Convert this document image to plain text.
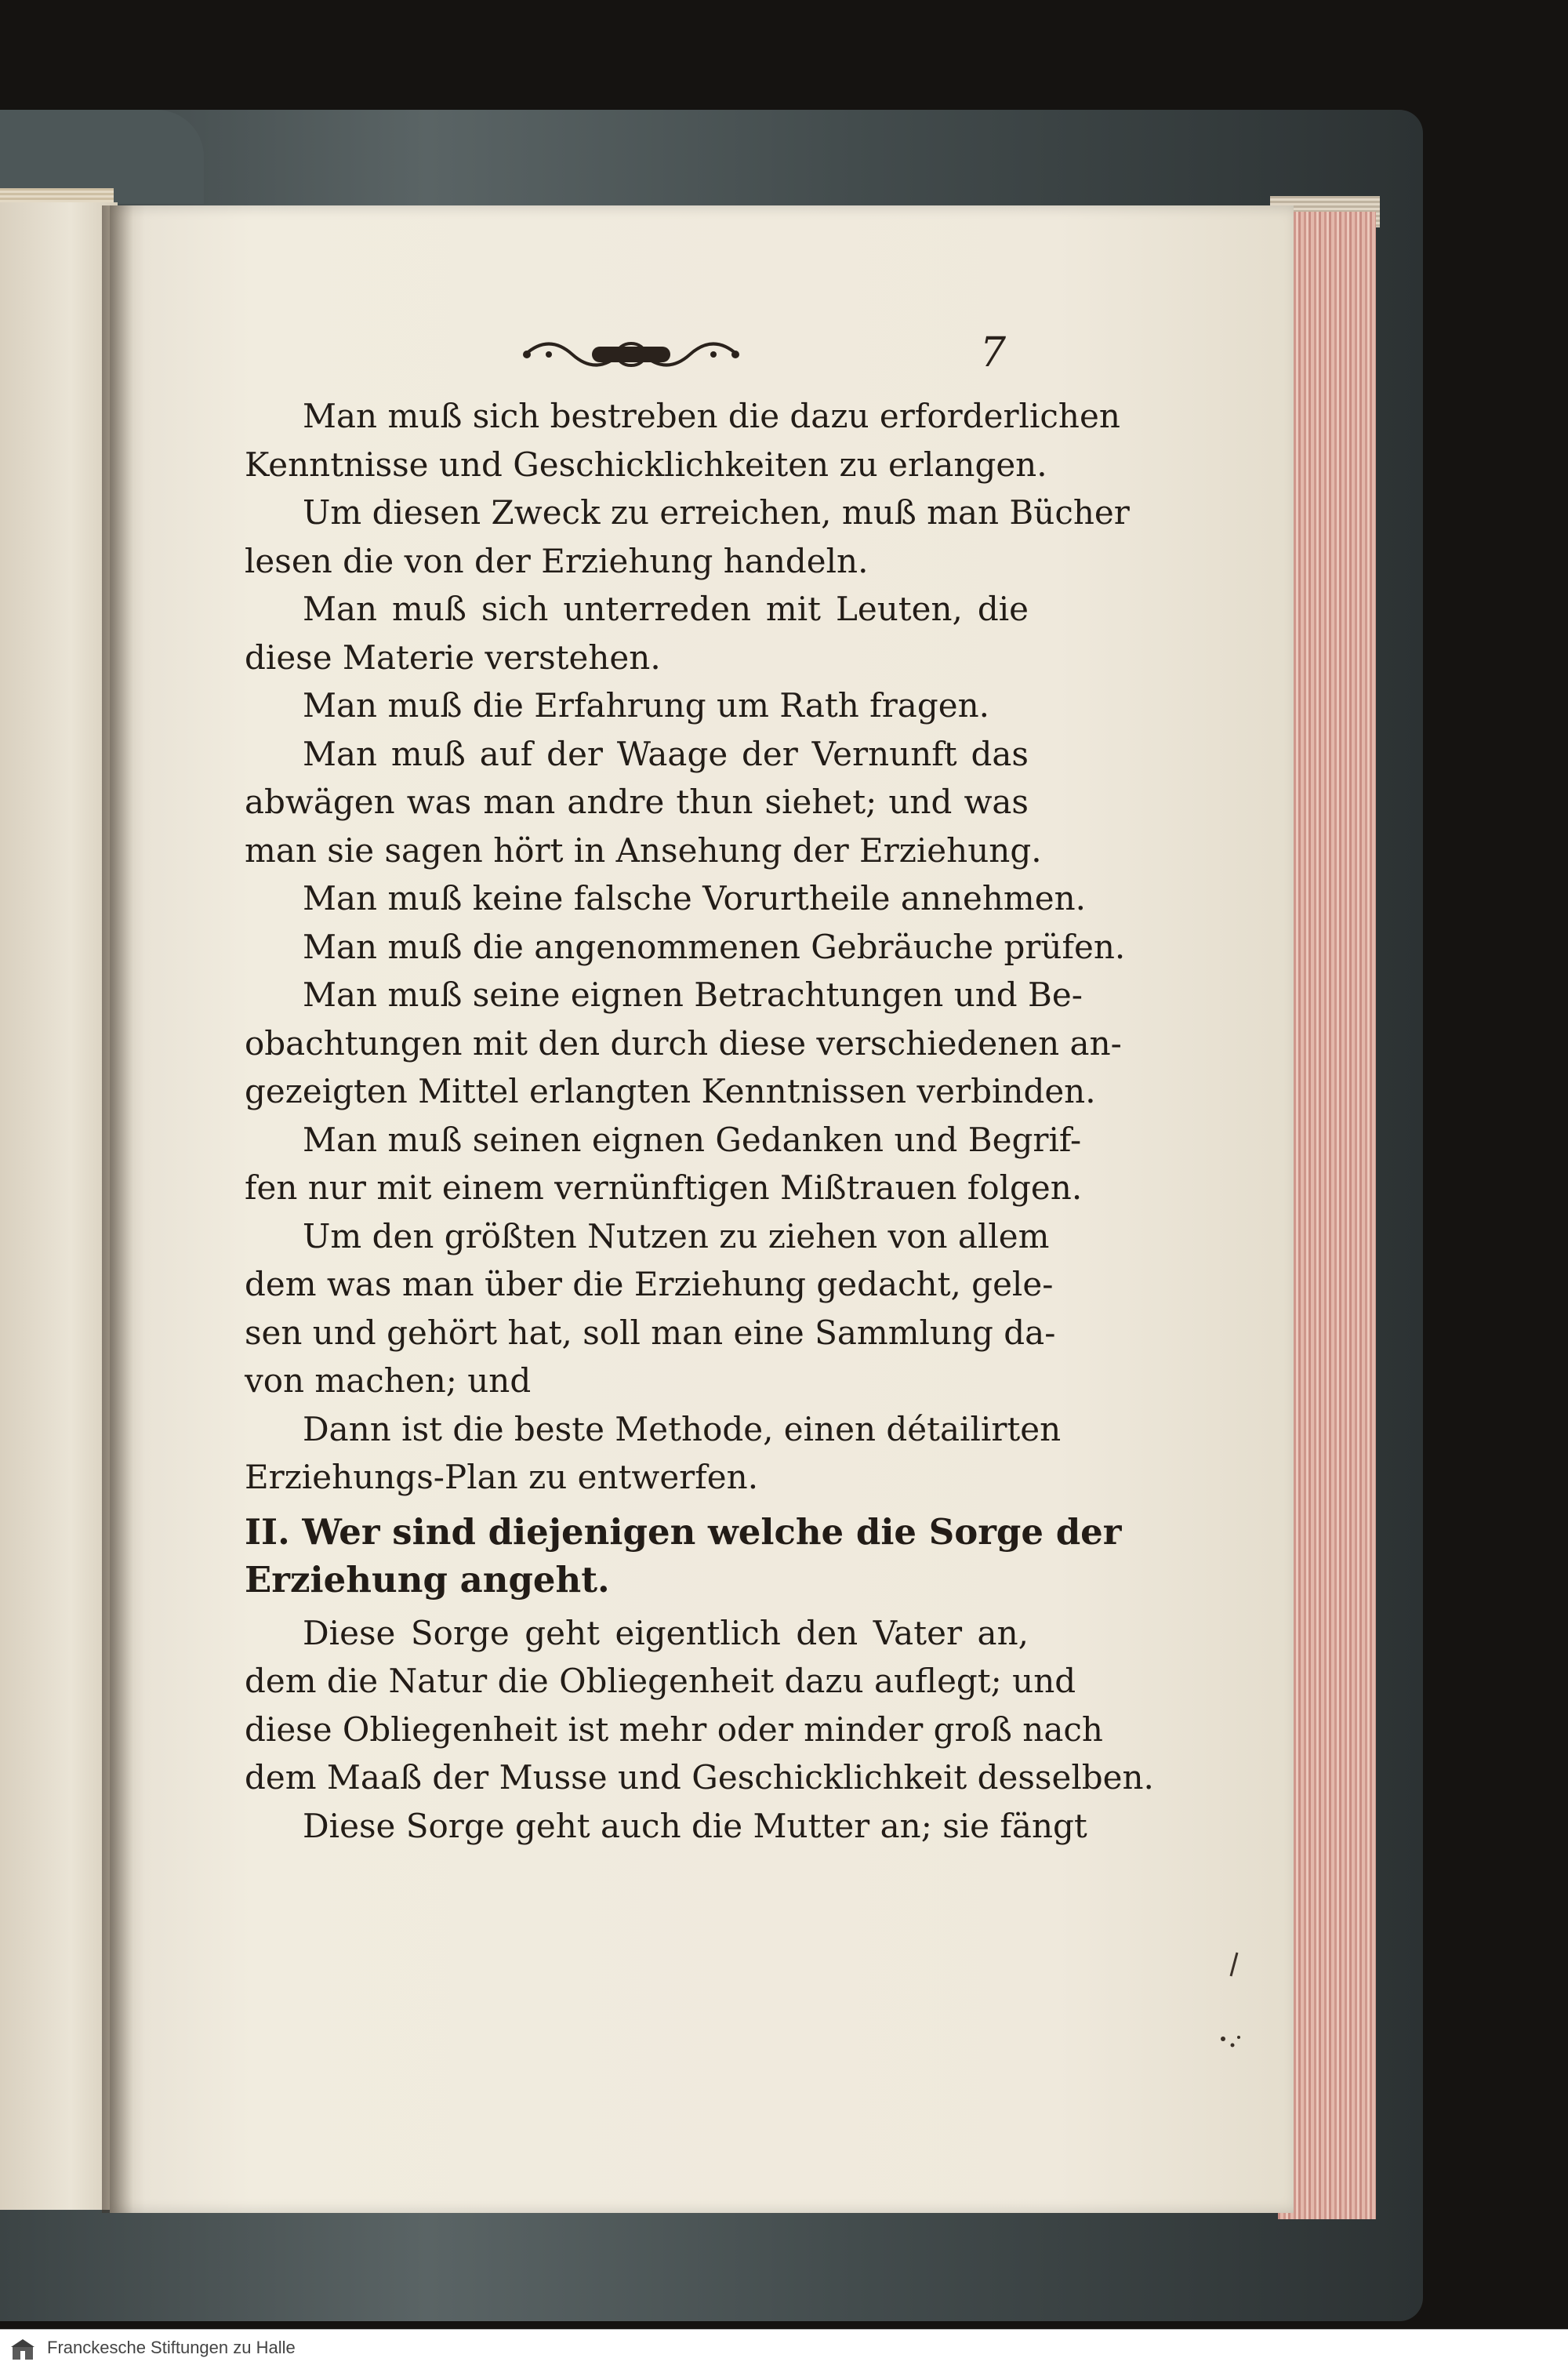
7
Man muß sich bestreben die dazu erforderlichen
Kenntnisse und Geschicklichkeiten zu erlangen.
Um diesen Zweck zu erreichen, muß man Bücher
lesen die von der Erziehung handeln.
Man muß sich unterreden mit Leuten, die
diese Materie verstehen.
Man muß die Erfahrung um Rath fragen.
Man muß auf der Waage der Vernunft das
abwägen was man andre thun siehet; und was
man sie sagen hört in Ansehung der Erziehung.
Man muß keine falsche Vorurtheile annehmen.
Man muß die angenommenen Gebräuche prüfen.
Man muß seine eignen Betrachtungen und Be-
obachtungen mit den durch diese verschiedenen an-
gezeigten Mittel erlangten Kenntnissen verbinden.
Man muß seinen eignen Gedanken und Begrif-
fen nur mit einem vernünftigen Mißtrauen folgen.
Um den größten Nutzen zu ziehen von allem
dem was man über die Erziehung gedacht, gele-
sen und gehört hat, soll man eine Sammlung da-
von machen; und
Dann ist die beste Methode, einen détailirten
Erziehungs-Plan zu entwerfen.
II. Wer sind diejenigen welche die Sorge der
Erziehung angeht.
Diese Sorge geht eigentlich den Vater an,
dem die Natur die Obliegenheit dazu auflegt; und
diese Obliegenheit ist mehr oder minder groß nach
dem Maaß der Musse und Geschicklichkeit desselben.
Diese Sorge geht auch die Mutter an; sie fängt
Franckesche Stiftungen zu Halle
